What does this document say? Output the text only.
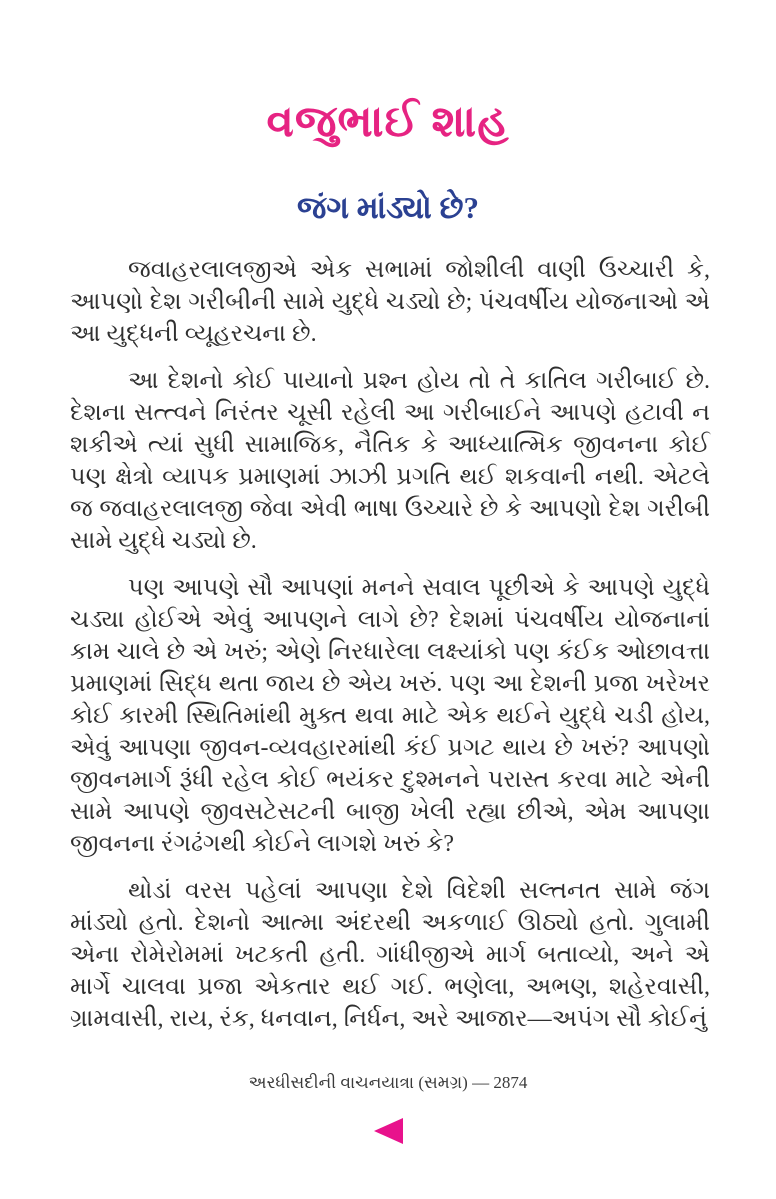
વજુભાઈ શાહ
જંગ માંડ્યો છે?

જવાહરલાલજીએ એક સભામાં જોશીલી વાણી ઉચ્ચારી કે, આપણો દેશ ગરીબીની સામે યુદ્ધે ચડ્યો છે; પંચવર્ષીય યોજનાઓ એ આ યુદ્ધની વ્યૂહરચના છે.

આ દેશનો કોઈ પાયાનો પ્રશ્ન હોય તો તે કાતિલ ગરીબાઈ છે. દેશના સત્ત્વને નિરંતર ચૂસી રહેલી આ ગરીબાઈને આપણે હટાવી ન શકીએ ત્યાં સુધી સામાજિક, નૈતિક કે આધ્યાત્મિક જીવનના કોઈ પણ ક્ષેત્રો વ્યાપક પ્રમાણમાં ઝાઝી પ્રગતિ થઈ શકવાની નથી. એટલે જ જવાહરલાલજી જેવા એવી ભાષા ઉચ્ચારે છે કે આપણો દેશ ગરીબી સામે યુદ્ધે ચડ્યો છે.

પણ આપણે સૌ આપણાં મનને સવાલ પૂછીએ કે આપણે યુદ્ધે ચડ્યા હોઈએ એવું આપણને લાગે છે? દેશમાં પંચવર્ષીય યોજનાનાં કામ ચાલે છે એ ખરું; એણે નિરધારેલા લક્ષ્યાંકો પણ કંઈક ઓછાવત્તા પ્રમાણમાં સિદ્ધ થતા જાય છે એય ખરું. પણ આ દેશની પ્રજા ખરેખર કોઈ કારમી સ્થિતિમાંથી મુક્ત થવા માટે એક થઈને યુદ્ધે ચડી હોય, એવું આપણા જીવન-વ્યવહારમાંથી કંઈ પ્રગટ થાય છે ખરું? આપણો જીવનમાર્ગ રૂંધી રહેલ કોઈ ભયંકર દુશ્મનને પરાસ્ત કરવા માટે એની સામે આપણે જીવસટેસટની બાજી ખેલી રહ્યા છીએ, એમ આપણા જીવનના રંગઢંગથી કોઈને લાગશે ખરું કે?

થોડાં વરસ પહેલાં આપણા દેશે વિદેશી સલ્તનત સામે જંગ માંડ્યો હતો. દેશનો આત્મા અંદરથી અકળાઈ ઊઠ્યો હતો. ગુલામી એના રોમેરોમમાં ખટકતી હતી. ગાંધીજીએ માર્ગ બતાવ્યો, અને એ માર્ગે ચાલવા પ્રજા એકતાર થઈ ગઈ. ભણેલા, અભણ, શહેરવાસી, ગ્રામવાસી, રાય, રંક, ધનવાન, નિર્ધન, અરે આજાર—અપંગ સૌ કોઈનું

અરધીસદીની વાચનયાત્રા (સમગ્ર) — 2874
